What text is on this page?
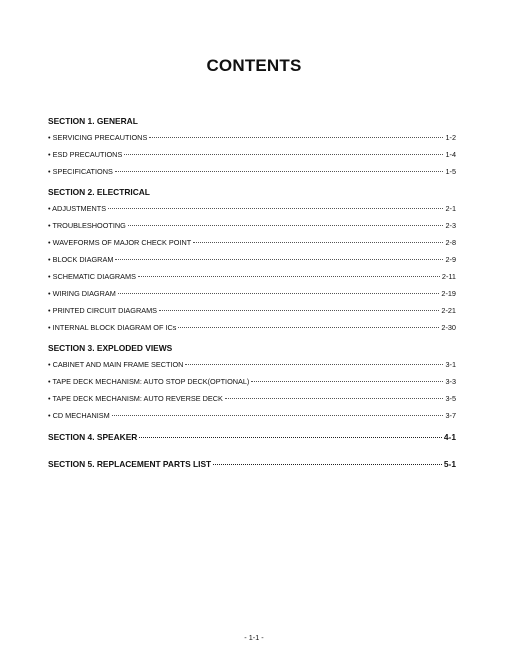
CONTENTS
SECTION 1. GENERAL
• SERVICING PRECAUTIONS	1-2
• ESD PRECAUTIONS	1-4
• SPECIFICATIONS	1-5
SECTION 2. ELECTRICAL
• ADJUSTMENTS	2-1
• TROUBLESHOOTING	2-3
• WAVEFORMS OF MAJOR CHECK POINT	2-8
• BLOCK DIAGRAM	2-9
• SCHEMATIC DIAGRAMS	2-11
• WIRING DIAGRAM	2-19
• PRINTED CIRCUIT DIAGRAMS	2-21
• INTERNAL BLOCK DIAGRAM OF ICs	2-30
SECTION 3. EXPLODED VIEWS
• CABINET AND MAIN FRAME SECTION	3-1
• TAPE DECK MECHANISM: AUTO STOP DECK(OPTIONAL)	3-3
• TAPE DECK MECHANISM: AUTO REVERSE DECK	3-5
• CD MECHANISM	3-7
SECTION 4. SPEAKER	4-1
SECTION 5. REPLACEMENT PARTS LIST	5-1
- 1-1 -
